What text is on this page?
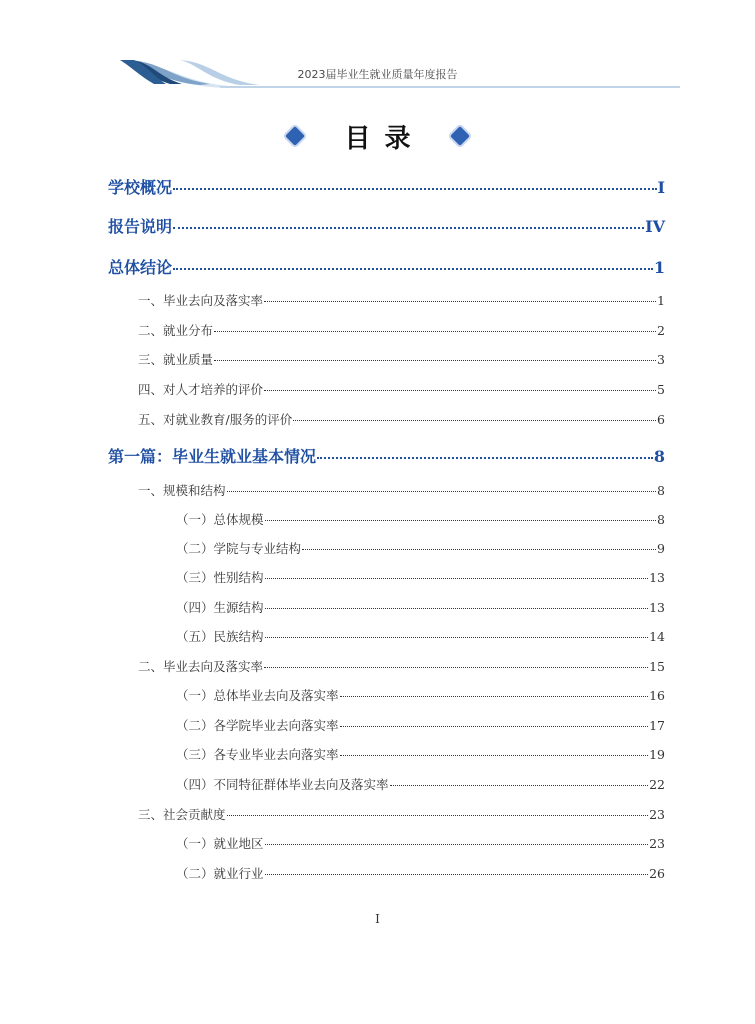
2023届毕业生就业质量年度报告
目录
学校概况	I
报告说明	IV
总体结论	1
一、毕业去向及落实率	1
二、就业分布	2
三、就业质量	3
四、对人才培养的评价	5
五、对就业教育/服务的评价	6
第一篇：毕业生就业基本情况	8
一、规模和结构	8
（一）总体规模	8
（二）学院与专业结构	9
（三）性别结构	13
（四）生源结构	13
（五）民族结构	14
二、毕业去向及落实率	15
（一）总体毕业去向及落实率	16
（二）各学院毕业去向落实率	17
（三）各专业毕业去向落实率	19
（四）不同特征群体毕业去向及落实率	22
三、社会贡献度	23
（一）就业地区	23
（二）就业行业	26
I
